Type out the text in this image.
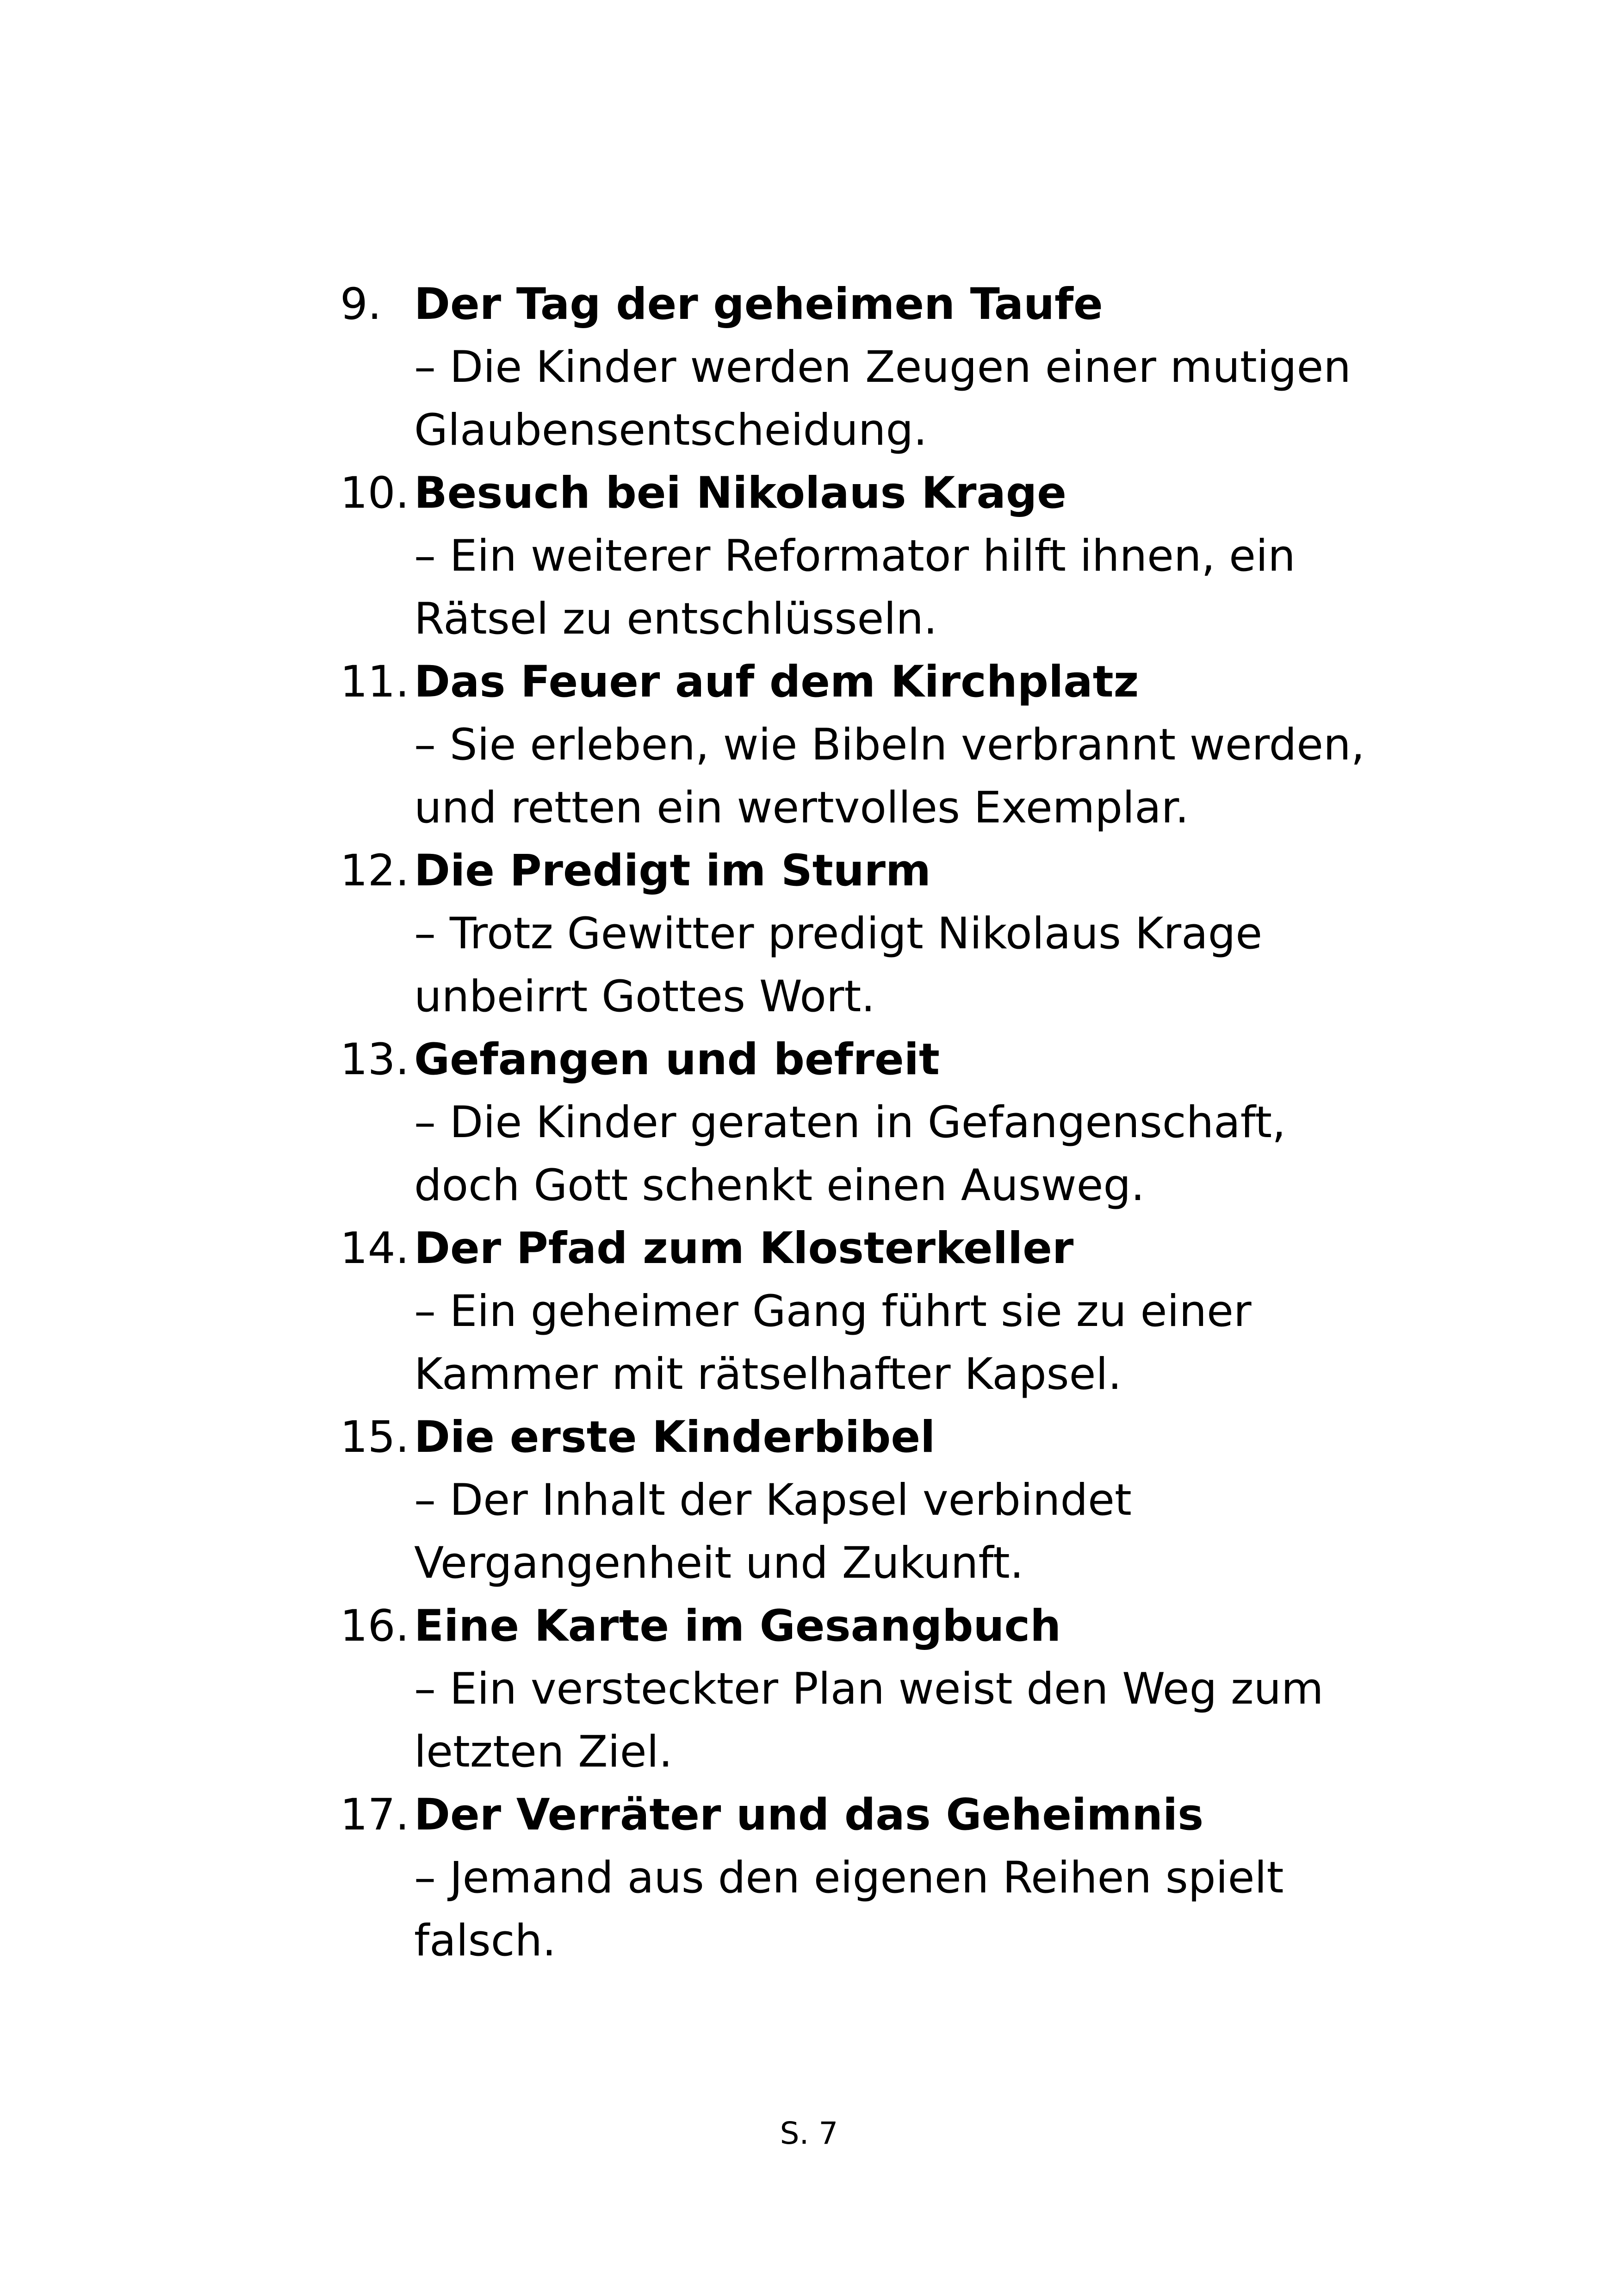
9. Der Tag der geheimen Taufe
– Die Kinder werden Zeugen einer mutigen Glaubensentscheidung.
10. Besuch bei Nikolaus Krage
– Ein weiterer Reformator hilft ihnen, ein Rätsel zu entschlüsseln.
11. Das Feuer auf dem Kirchplatz
– Sie erleben, wie Bibeln verbrannt werden, und retten ein wertvolles Exemplar.
12. Die Predigt im Sturm
– Trotz Gewitter predigt Nikolaus Krage unbeirrt Gottes Wort.
13. Gefangen und befreit
– Die Kinder geraten in Gefangenschaft, doch Gott schenkt einen Ausweg.
14. Der Pfad zum Klosterkeller
– Ein geheimer Gang führt sie zu einer Kammer mit rätselhafter Kapsel.
15. Die erste Kinderbibel
– Der Inhalt der Kapsel verbindet Vergangenheit und Zukunft.
16. Eine Karte im Gesangbuch
– Ein versteckter Plan weist den Weg zum letzten Ziel.
17. Der Verräter und das Geheimnis
– Jemand aus den eigenen Reihen spielt falsch.
S. 7
